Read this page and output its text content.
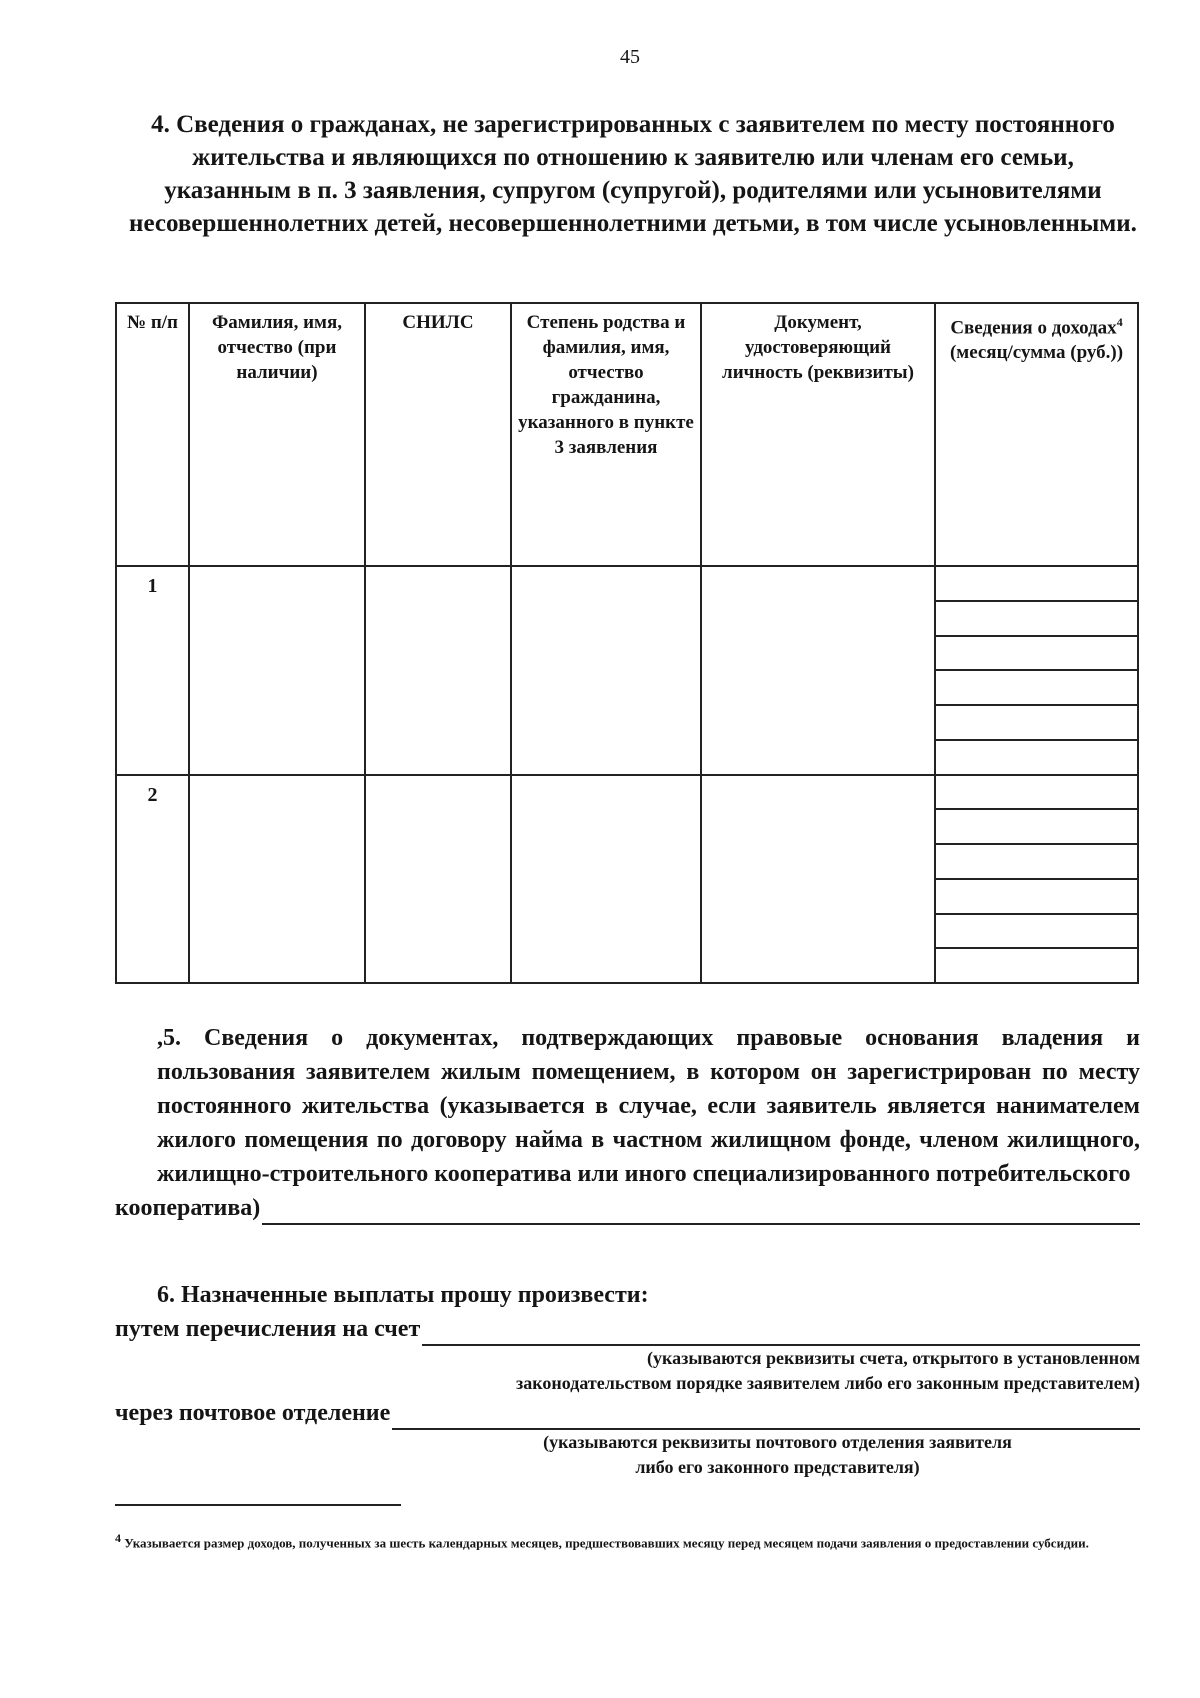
45
4. Сведения о гражданах, не зарегистрированных с заявителем по месту постоянного жительства и являющихся по отношению к заявителю или членам его семьи, указанным в п. 3 заявления, супругом (супругой), родителями или усыновителями несовершеннолетних детей, несовершеннолетними детьми, в том числе усыновленными.
№ п/п	Фамилия, имя, отчество (при наличии)	СНИЛС	Степень родства и фамилия, имя, отчество гражданина, указанного в пункте 3 заявления	Документ, удостоверяющий личность (реквизиты)	Сведения о доходах$^4$ (месяц/сумма (руб.))
1					

2					
,5. Сведения о документах, подтверждающих правовые основания владения и пользования заявителем жилым помещением, в котором он зарегистрирован по месту постоянного жительства (указывается в случае, если заявитель является нанимателем жилого помещения по договору найма в частном жилищном фонде, членом жилищного, жилищно-строительного кооператива или иного специализированного потребительского
кооператива)
6. Назначенные выплаты прошу произвести:
путем перечисления на счет
(указываются реквизиты счета, открытого в установленном
законодательством порядке заявителем либо его законным представителем)
через почтовое отделение
(указываются реквизиты почтового отделения заявителя
либо его законного представителя)
$^4$ Указывается размер доходов, полученных за шесть календарных месяцев, предшествовавших месяцу перед месяцем подачи заявления о предоставлении субсидии.
